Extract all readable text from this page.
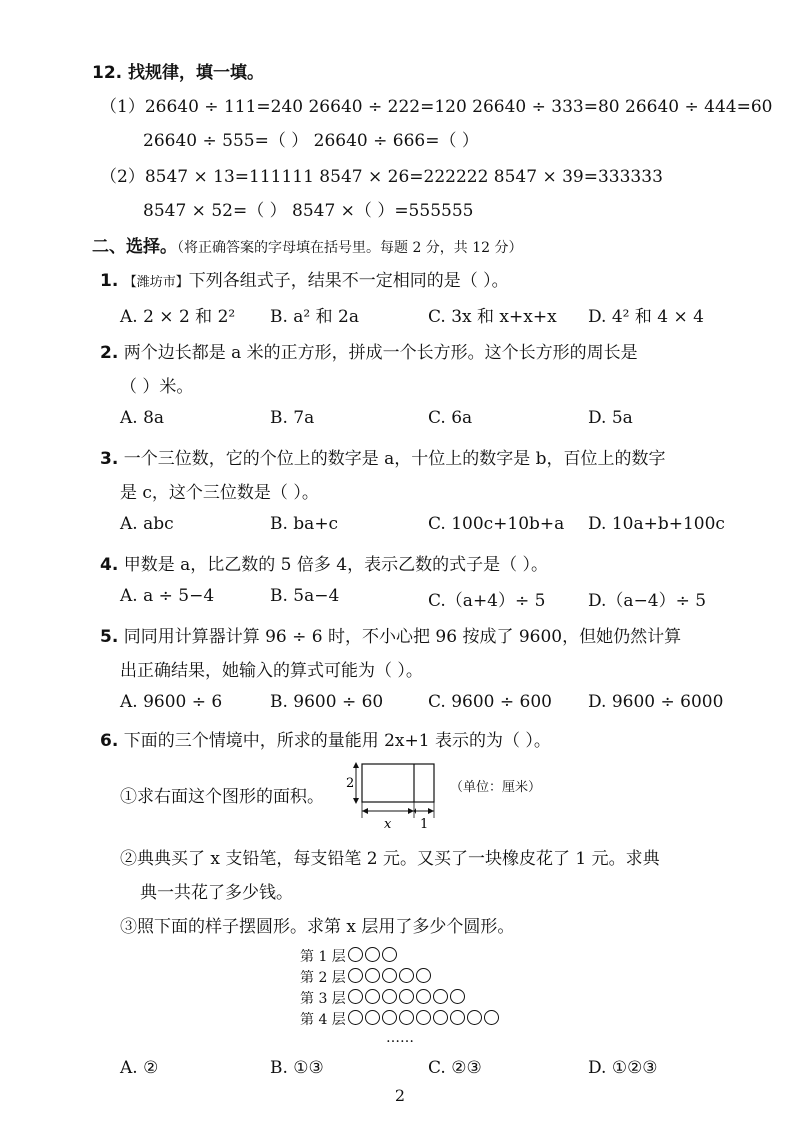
12. 找规律，填一填。
（1）26640 ÷ 111=240 26640 ÷ 222=120 26640 ÷ 333=80 26640 ÷ 444=60
26640 ÷ 555=（ ） 26640 ÷ 666=（ ）
（2）8547 × 13=111111 8547 × 26=222222 8547 × 39=333333
8547 × 52=（ ） 8547 ×（ ）=555555
二、选择。（将正确答案的字母填在括号里。每题 2 分，共 12 分）
1. 【潍坊市】下列各组式子，结果不一定相同的是（ ）。
A. 2 × 2 和 2² B. a² 和 2a	C. 3x 和 x+x+x D. 4² 和 4 × 4
2. 两个边长都是 a 米的正方形，拼成一个长方形。这个长方形的周长是
（ ）米。
A. 8a	B. 7a	C. 6a	D. 5a
3. 一个三位数，它的个位上的数字是 a，十位上的数字是 b，百位上的数字
是 c，这个三位数是（ ）。
A. abc	B. ba+c	C. 100c+10b+a D. 10a+b+100c
4. 甲数是 a，比乙数的 5 倍多 4，表示乙数的式子是（ ）。
A. a ÷ 5−4	B. 5a−4	C.（a+4）÷ 5	D.（a−4）÷ 5
5. 同同用计算器计算 96 ÷ 6 时，不小心把 96 按成了 9600，但她仍然计算
出正确结果，她输入的算式可能为（ ）。
A. 9600 ÷ 6	B. 9600 ÷ 60	C. 9600 ÷ 600 D. 9600 ÷ 6000
6. 下面的三个情境中，所求的量能用 2x+1 表示的为（ ）。
①求右面这个图形的面积。
2
x 1
（单位：厘米）
②典典买了 x 支铅笔，每支铅笔 2 元。又买了一块橡皮花了 1 元。求典
典一共花了多少钱。
③照下面的样子摆圆形。求第 x 层用了多少个圆形。
第 1 层
第 2 层
第 3 层
第 4 层
……
A. ②	B. ①③	C. ②③	D. ①②③
2
